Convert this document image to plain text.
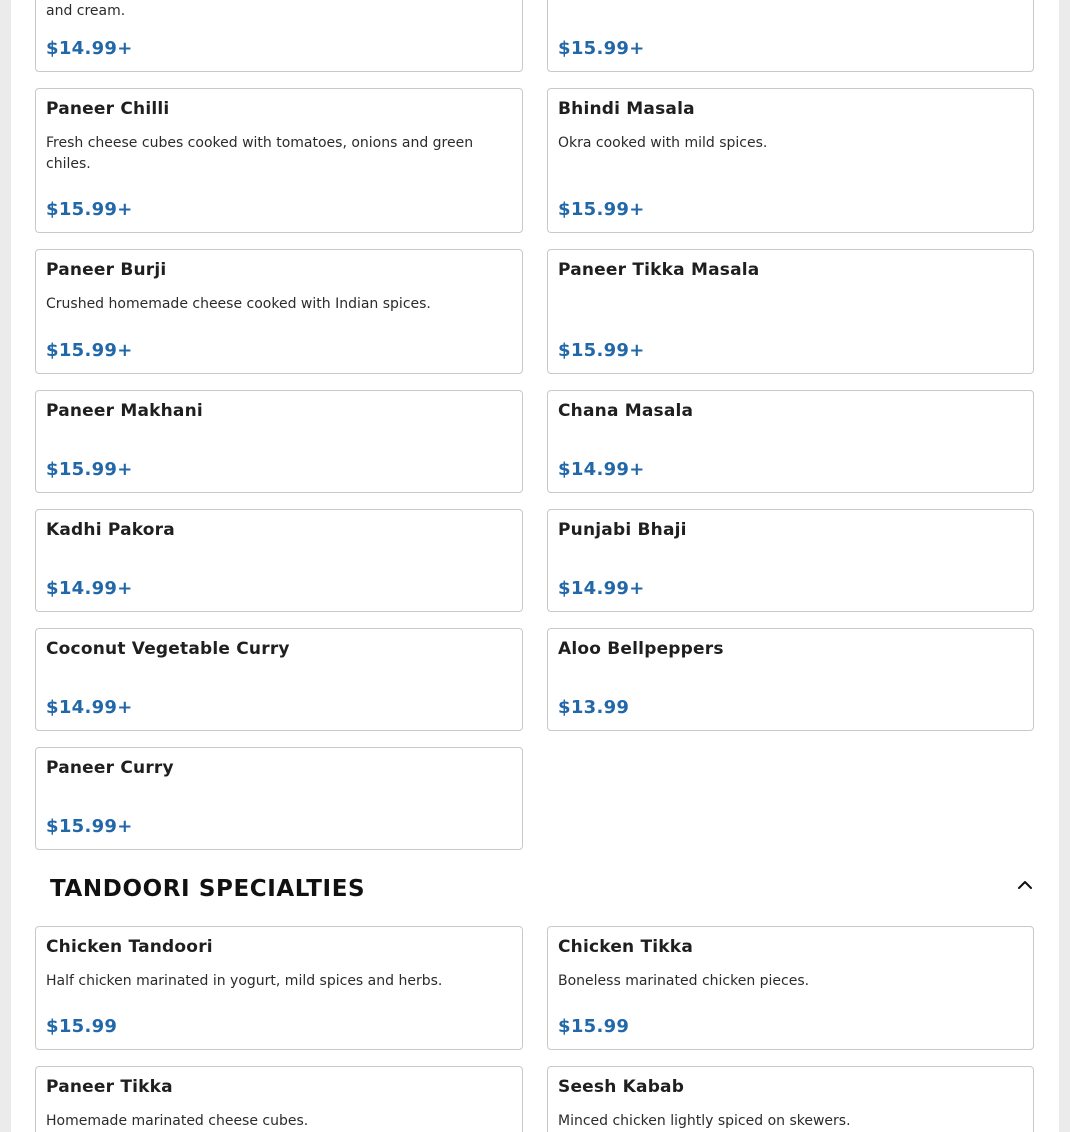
and cream.
$14.99+	$15.99+
Paneer Chilli
Fresh cheese cubes cooked with tomatoes, onions and green chiles.
$15.99+
Bhindi Masala
Okra cooked with mild spices.
$15.99+
Paneer Burji
Crushed homemade cheese cooked with Indian spices.
$15.99+
Paneer Tikka Masala
$15.99+
Paneer Makhani
$15.99+
Chana Masala
$14.99+
Kadhi Pakora
$14.99+
Punjabi Bhaji
$14.99+
Coconut Vegetable Curry
$14.99+
Aloo Bellpeppers
$13.99
Paneer Curry
$15.99+
TANDOORI SPECIALTIES
Chicken Tandoori
Half chicken marinated in yogurt, mild spices and herbs.
$15.99
Chicken Tikka
Boneless marinated chicken pieces.
$15.99
Paneer Tikka
Homemade marinated cheese cubes.
Seesh Kabab
Minced chicken lightly spiced on skewers.
